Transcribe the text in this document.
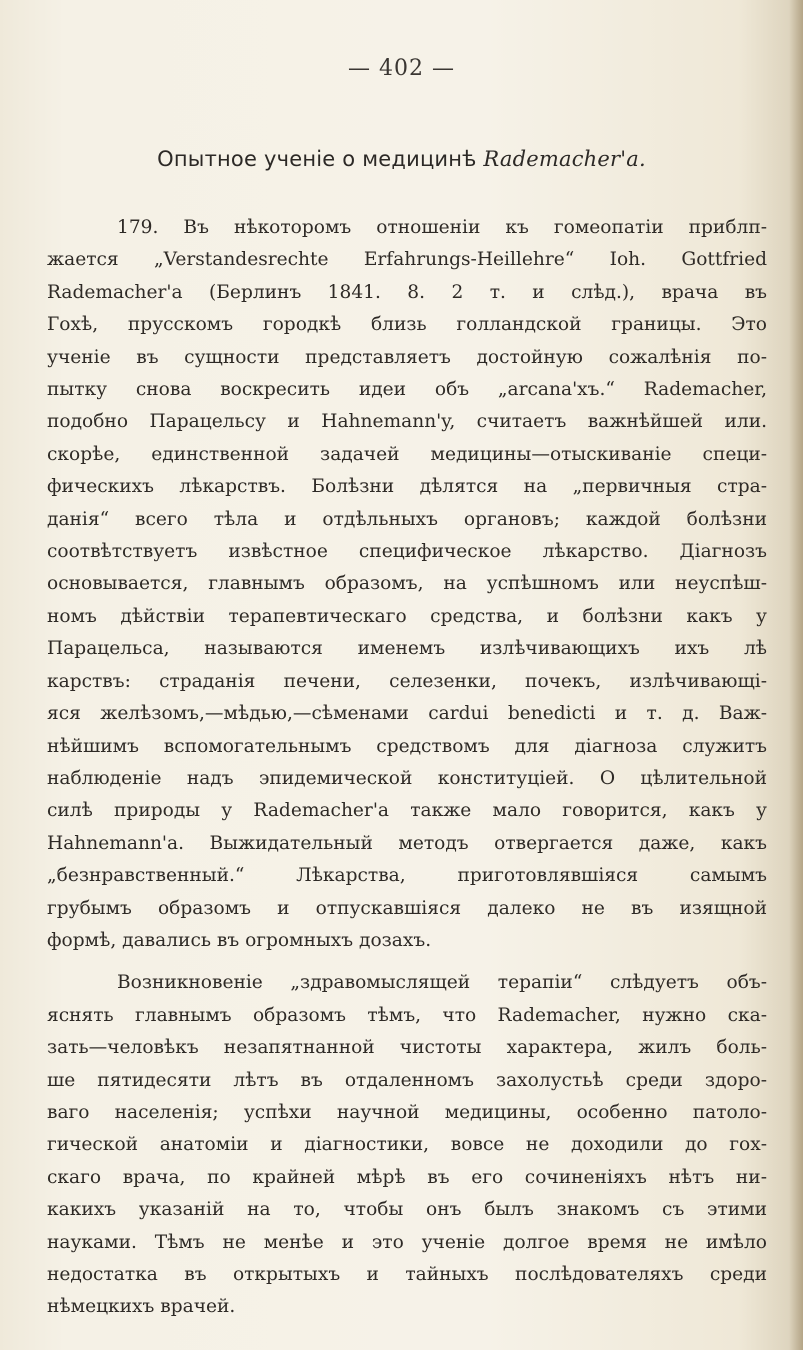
— 402 —
Опытное ученіе о медицинѣ Rademacher'a.
179. Въ нѣкоторомъ отношеніи къ гомеопатіи приблп-
жается „Verstandesrechte Erfahrungs-Heillehre“ Ioh. Gottfried
Rademacher'a (Берлинъ 1841. 8. 2 т. и слѣд.), врача въ
Гохѣ, прусскомъ городкѣ близь голландской границы. Это
ученіе въ сущности представляетъ достойную сожалѣнія по-
пытку снова воскресить идеи объ „arcana'хъ.“ Rademacher,
подобно Парацельсу и Hahnemann'y, считаетъ важнѣйшей или.
скорѣе, единственной задачей медицины—отыскиваніе специ-
фическихъ лѣкарствъ. Болѣзни дѣлятся на „первичныя стра-
данія“ всего тѣла и отдѣльныхъ органовъ; каждой болѣзни
соотвѣтствуетъ извѣстное специфическое лѣкарство. Діагнозъ
основывается, главнымъ образомъ, на успѣшномъ или неуспѣш-
номъ дѣйствіи терапевтическаго средства, и болѣзни какъ у
Парацельса, называются именемъ излѣчивающихъ ихъ лѣ
карствъ: страданія печени, селезенки, почекъ, излѣчивающі-
яся желѣзомъ,—мѣдью,—сѣменами cardui benedicti и т. д. Важ-
нѣйшимъ вспомогательнымъ средствомъ для діагноза служитъ
наблюденіе надъ эпидемической конституціей. О цѣлительной
силѣ природы у Rademacher'a также мало говорится, какъ у
Hahnemann'a. Выжидательный методъ отвергается даже, какъ
„безнравственный.“ Лѣкарства, приготовлявшіяся самымъ
грубымъ образомъ и отпускавшіяся далеко не въ изящной
формѣ, давались въ огромныхъ дозахъ.
Возникновеніе „здравомыслящей терапіи“ слѣдуетъ объ-
яснять главнымъ образомъ тѣмъ, что Rademacher, нужно ска-
зать—человѣкъ незапятнанной чистоты характера, жилъ боль-
ше пятидесяти лѣтъ въ отдаленномъ захолустьѣ среди здоро-
ваго населенія; успѣхи научной медицины, особенно патоло-
гической анатоміи и діагностики, вовсе не доходили до гох-
скаго врача, по крайней мѣрѣ въ его сочиненіяхъ нѣтъ ни-
какихъ указаній на то, чтобы онъ былъ знакомъ съ этими
науками. Тѣмъ не менѣе и это ученіе долгое время не имѣло
недостатка въ открытыхъ и тайныхъ послѣдователяхъ среди
нѣмецкихъ врачей.
